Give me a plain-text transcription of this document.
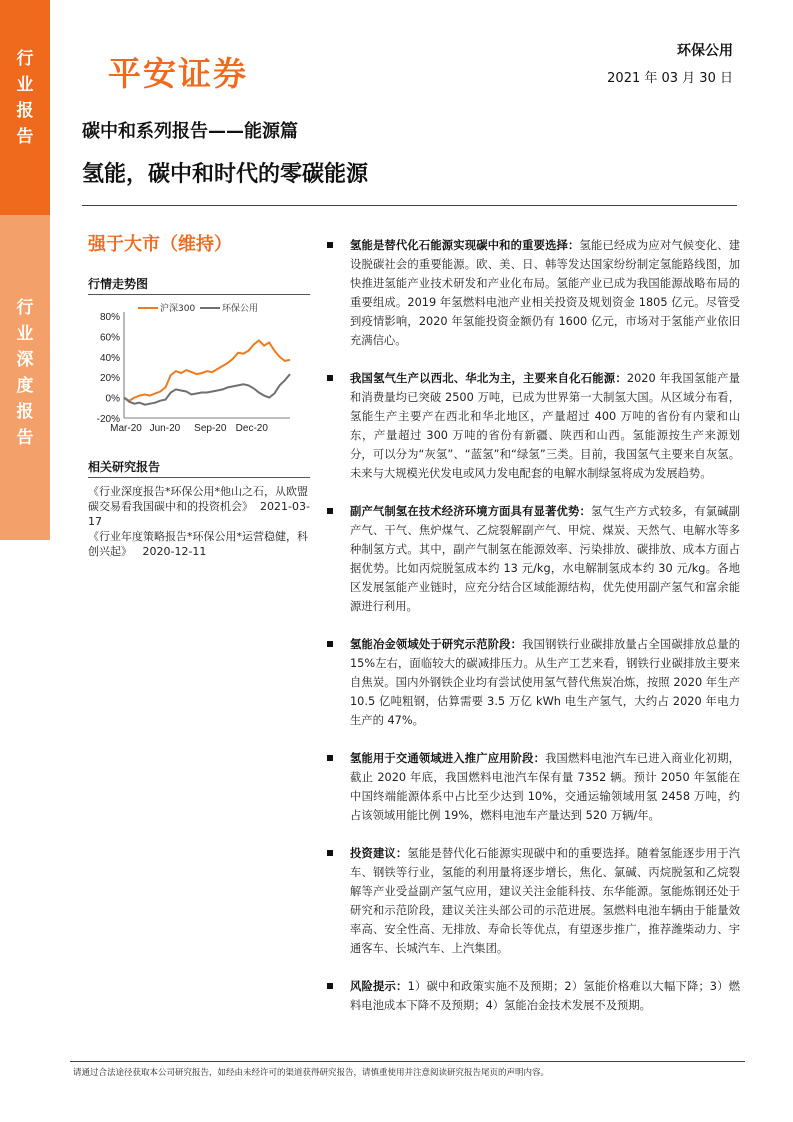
行
业
报
告
行
业
深
度
报
告
平安证券
环保公用
2021 年 03 月 30 日
碳中和系列报告——能源篇
氢能，碳中和时代的零碳能源
强于大市（维持）
行情走势图
80%
60%
40%
20%
0%
-20%
Mar-20 Jun-20 Sep-20 Dec-20
沪深300	环保公用
相关研究报告
《行业深度报告*环保公用*他山之石，从欧盟碳交易看我国碳中和的投资机会》 2021-03-17
《行业年度策略报告*环保公用*运营稳健，科创兴起》 2020-12-11
氢能是替代化石能源实现碳中和的重要选择：氢能已经成为应对气候变化、建设脱碳社会的重要能源。欧、美、日、韩等发达国家纷纷制定氢能路线图，加快推进氢能产业技术研发和产业化布局。氢能产业已成为我国能源战略布局的重要组成。2019 年氢燃料电池产业相关投资及规划资金 1805 亿元。尽管受到疫情影响，2020 年氢能投资金额仍有 1600 亿元，市场对于氢能产业依旧充满信心。
我国氢气生产以西北、华北为主，主要来自化石能源：2020 年我国氢能产量和消费量均已突破 2500 万吨，已成为世界第一大制氢大国。从区域分布看，氢能生产主要产在西北和华北地区，产量超过 400 万吨的省份有内蒙和山东，产量超过 300 万吨的省份有新疆、陕西和山西。氢能源按生产来源划分，可以分为“灰氢”、“蓝氢”和“绿氢”三类。目前，我国氢气主要来自灰氢。未来与大规模光伏发电或风力发电配套的电解水制绿氢将成为发展趋势。
副产气制氢在技术经济环境方面具有显著优势：氢气生产方式较多，有氯碱副产气、干气、焦炉煤气、乙烷裂解副产气、甲烷、煤炭、天然气、电解水等多种制氢方式。其中，副产气制氢在能源效率、污染排放、碳排放、成本方面占据优势。比如丙烷脱氢成本约 13 元/kg，水电解制氢成本约 30 元/kg。各地区发展氢能产业链时，应充分结合区域能源结构，优先使用副产氢气和富余能源进行利用。
氢能冶金领域处于研究示范阶段：我国钢铁行业碳排放量占全国碳排放总量的 15%左右，面临较大的碳减排压力。从生产工艺来看，钢铁行业碳排放主要来自焦炭。国内外钢铁企业均有尝试使用氢气替代焦炭冶炼，按照 2020 年生产 10.5 亿吨粗钢，估算需要 3.5 万亿 kWh 电生产氢气，大约占 2020 年电力生产的 47%。
氢能用于交通领域进入推广应用阶段：我国燃料电池汽车已进入商业化初期，截止 2020 年底，我国燃料电池汽车保有量 7352 辆。预计 2050 年氢能在中国终端能源体系中占比至少达到 10%，交通运输领域用氢 2458 万吨，约占该领域用能比例 19%，燃料电池车产量达到 520 万辆/年。
投资建议：氢能是替代化石能源实现碳中和的重要选择。随着氢能逐步用于汽车、钢铁等行业，氢能的利用量将逐步增长，焦化、氯碱、丙烷脱氢和乙烷裂解等产业受益副产氢气应用，建议关注金能科技、东华能源。氢能炼钢还处于研究和示范阶段，建议关注头部公司的示范进展。氢燃料电池车辆由于能量效率高、安全性高、无排放、寿命长等优点，有望逐步推广，推荐潍柴动力、宇通客车、长城汽车、上汽集团。
风险提示：1）碳中和政策实施不及预期；2）氢能价格难以大幅下降；3）燃料电池成本下降不及预期；4）氢能冶金技术发展不及预期。
请通过合法途径获取本公司研究报告，如经由未经许可的渠道获得研究报告，请慎重使用并注意阅读研究报告尾页的声明内容。
